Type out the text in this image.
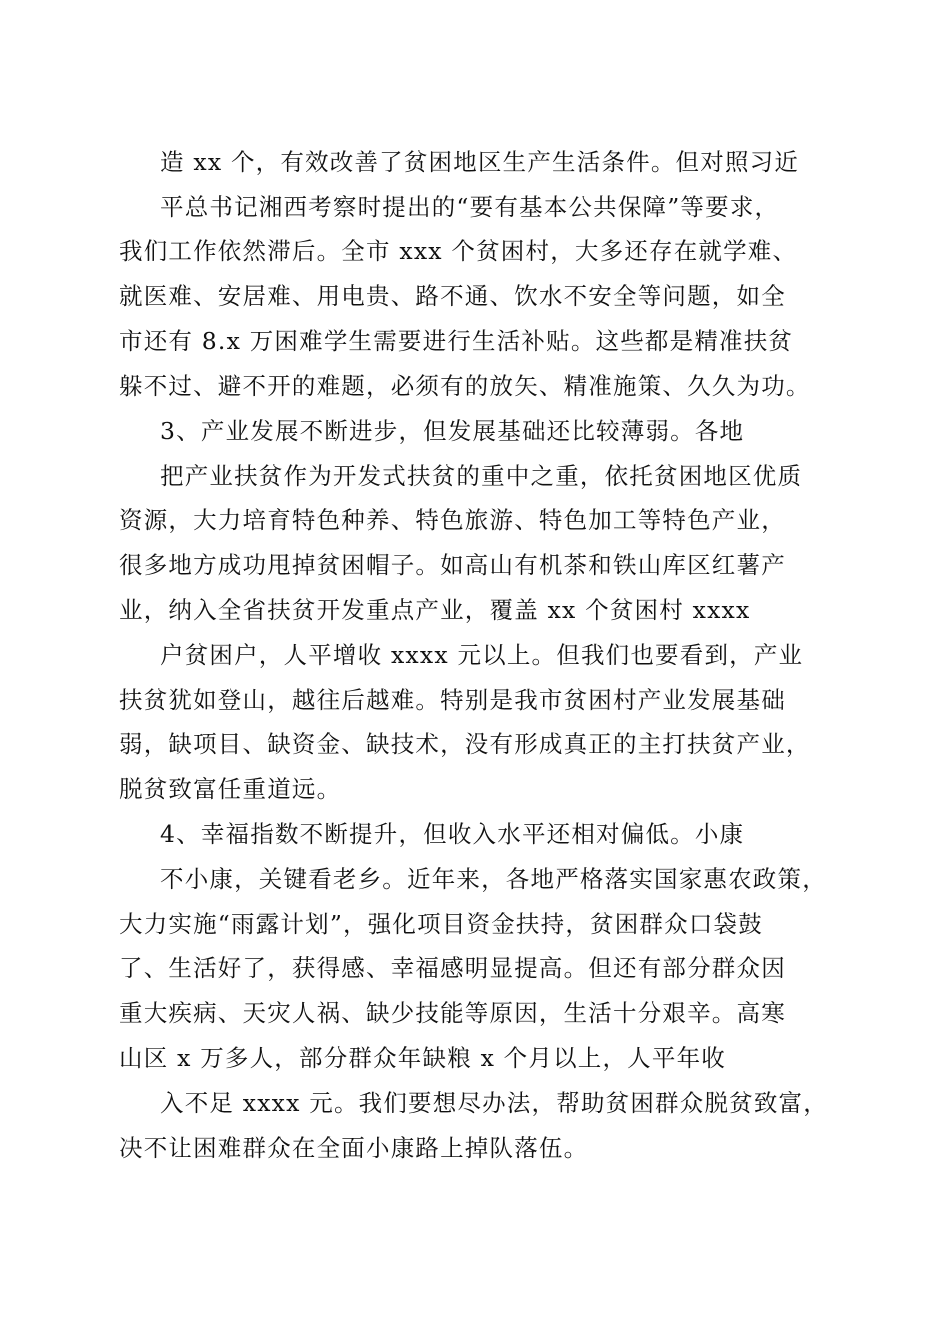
造 xx 个，有效改善了贫困地区生产生活条件。但对照习近
平总书记湘西考察时提出的“要有基本公共保障”等要求，
我们工作依然滞后。全市 xxx 个贫困村，大多还存在就学难、
就医难、安居难、用电贵、路不通、饮水不安全等问题，如全
市还有 8.x 万困难学生需要进行生活补贴。这些都是精准扶贫
躲不过、避不开的难题，必须有的放矢、精准施策、久久为功。
3、产业发展不断进步，但发展基础还比较薄弱。各地
把产业扶贫作为开发式扶贫的重中之重，依托贫困地区优质
资源，大力培育特色种养、特色旅游、特色加工等特色产业，
很多地方成功甩掉贫困帽子。如高山有机茶和铁山库区红薯产
业，纳入全省扶贫开发重点产业，覆盖 xx 个贫困村 xxxx
户贫困户，人平增收 xxxx 元以上。但我们也要看到，产业
扶贫犹如登山，越往后越难。特别是我市贫困村产业发展基础
弱，缺项目、缺资金、缺技术，没有形成真正的主打扶贫产业，
脱贫致富任重道远。
4、幸福指数不断提升，但收入水平还相对偏低。小康
不小康，关键看老乡。近年来，各地严格落实国家惠农政策，
大力实施“雨露计划”，强化项目资金扶持，贫困群众口袋鼓
了、生活好了，获得感、幸福感明显提高。但还有部分群众因
重大疾病、天灾人祸、缺少技能等原因，生活十分艰辛。高寒
山区 x 万多人，部分群众年缺粮 x 个月以上，人平年收
入不足 xxxx 元。我们要想尽办法，帮助贫困群众脱贫致富，
决不让困难群众在全面小康路上掉队落伍。
